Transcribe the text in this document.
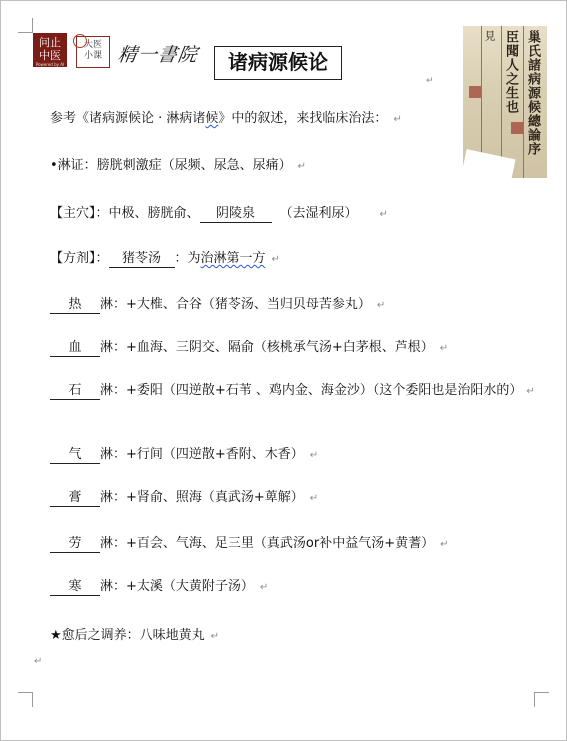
问止中医
Powered by AI
大医小课 精一書院	诸病源候论
↵	巢氏諸病源候總論序
臣聞人之生也
見
参考《诸病源候论 · 淋病诸候》中的叙述，来找临床治法： ↵
•淋证：膀胱刺激症（尿频、尿急、尿痛） ↵
【主穴】：中极、膀胱俞、 阴陵泉 （去湿利尿） ↵
【方剂】： 猪苓汤 ：为治淋第一方 ↵
热 淋：+大椎、合谷（猪苓汤、当归贝母苦参丸） ↵
血 淋：+血海、三阴交、隔俞（核桃承气汤+白茅根、芦根） ↵
石 淋：+委阳（四逆散+石苇 、鸡内金、海金沙）（这个委阳也是治阳水的） ↵
气 淋：+行间（四逆散+香附、木香） ↵
膏 淋：+肾俞、照海（真武汤+萆解） ↵
劳 淋：+百会、气海、足三里（真武汤or补中益气汤+黄蓍） ↵
寒 淋：+太溪（大黄附子汤） ↵
★愈后之调养：八味地黄丸 ↵
↵
